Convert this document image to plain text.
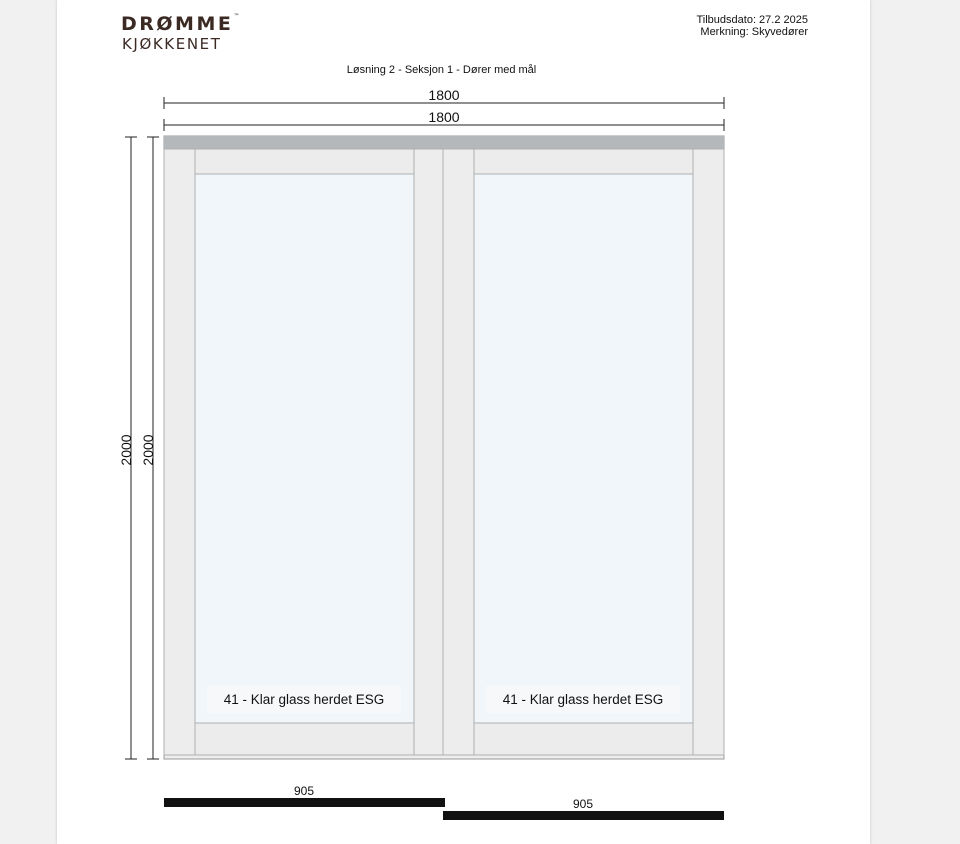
DRØMME™
KJØKKENET
Tilbudsdato: 27.2 2025
Merkning: Skyvedører
Løsning 2 - Seksjon 1 - Dører med mål
1800
1800
2000 2000
41 - Klar glass herdet ESG	41 - Klar glass herdet ESG
905
905
